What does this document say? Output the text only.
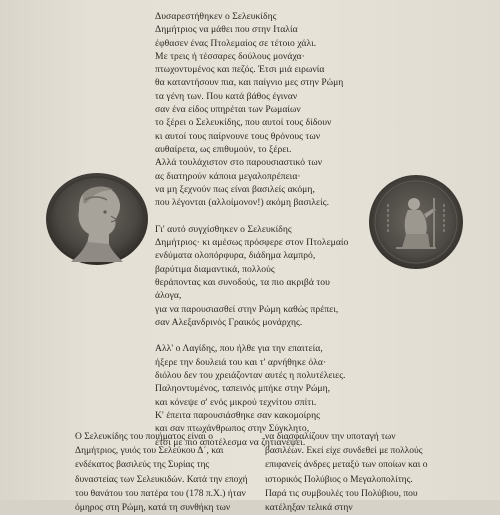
Δυσαρεστήθηκεν ο Σελευκίδης
Δημήτριος να μάθει που στην Ιταλία
έφθασεν ένας Πτολεμαίος σε τέτοιο χάλι.
Με τρεις ή τέσσαρες δούλους μονάχα·
πτωχοντυμένος και πεζός. Έτσι μιά ειρωνία
θα καταντήσουν πια, και παίγνιο μες στην Ρώμη
τα γένη των. Που κατά βάθος έγιναν
σαν ένα είδος υπηρέται των Ρωμαίων
το ξέρει ο Σελευκίδης, που αυτοί τους δίδουν
κι αυτοί τους παίρνουνε τους θρόνους των
αυθαίρετα, ως επιθυμούν, το ξέρει.
Αλλά τουλάχιστον στο παρουσιαστικό των
ας διατηρούν κάποια μεγαλοπρέπεια·
να μη ξεχνούν πως είναι βασιλείς ακόμη,
που λέγονται (αλλοίμονον!) ακόμη βασιλείς.
Γι' αυτό συγχίσθηκεν ο Σελευκίδης
Δημήτριος· κι αμέσως πρόσφερε στον Πτολεμαίο
ενδύματα ολοπόρφυρα, διάδημα λαμπρό,
βαρύτιμα διαμαντικά, πολλούς
θεράποντας και συνοδούς, τα πιο ακριβά του
άλογα,
για να παρουσιασθεί στην Ρώμη καθώς πρέπει,
σαν Αλεξανδρινός Γραικός μονάρχης.
Αλλ' ο Λαγίδης, που ήλθε για την επαιτεία,
ήξερε την δουλειά του και τ' αρνήθηκε όλα·
διόλου δεν του χρειάζονταν αυτές η πολυτέλειες.
Παληοντυμένος, ταπεινός μπήκε στην Ρώμη,
και κόνεψε σ' ενός μικρού τεχνίτου σπίτι.
Κ' έπειτα παρουσιάσθηκε σαν κακομοίρης
και σαν πτωχάνθρωπος στην Σύγκλητο,
έτσι με πιο αποτέλεσμα να ζητιανέψει.
Ο Σελευκίδης του ποιήματος είναι ο
Δημήτριος, γυιός του Σελεύκου Δ΄, και
ενδέκατος βασιλεύς της Συρίας της
δυναστείας των Σελευκιδών. Κατά την εποχή
του θανάτου του πατέρα του (178 π.Χ.) ήταν
όμηρος στη Ρώμη, κατά τη συνθήκη των
να διασφαλίζουν την υποταγή των
βασιλέων. Εκεί είχε συνδεθεί με πολλούς
επιφανείς άνδρες μεταξύ των οποίων και ο
ιστορικός Πολύβιος ο Μεγαλοπολίτης.
Παρά τις συμβουλές του Πολύβιου, που
κατέληξαν τελικά στην
